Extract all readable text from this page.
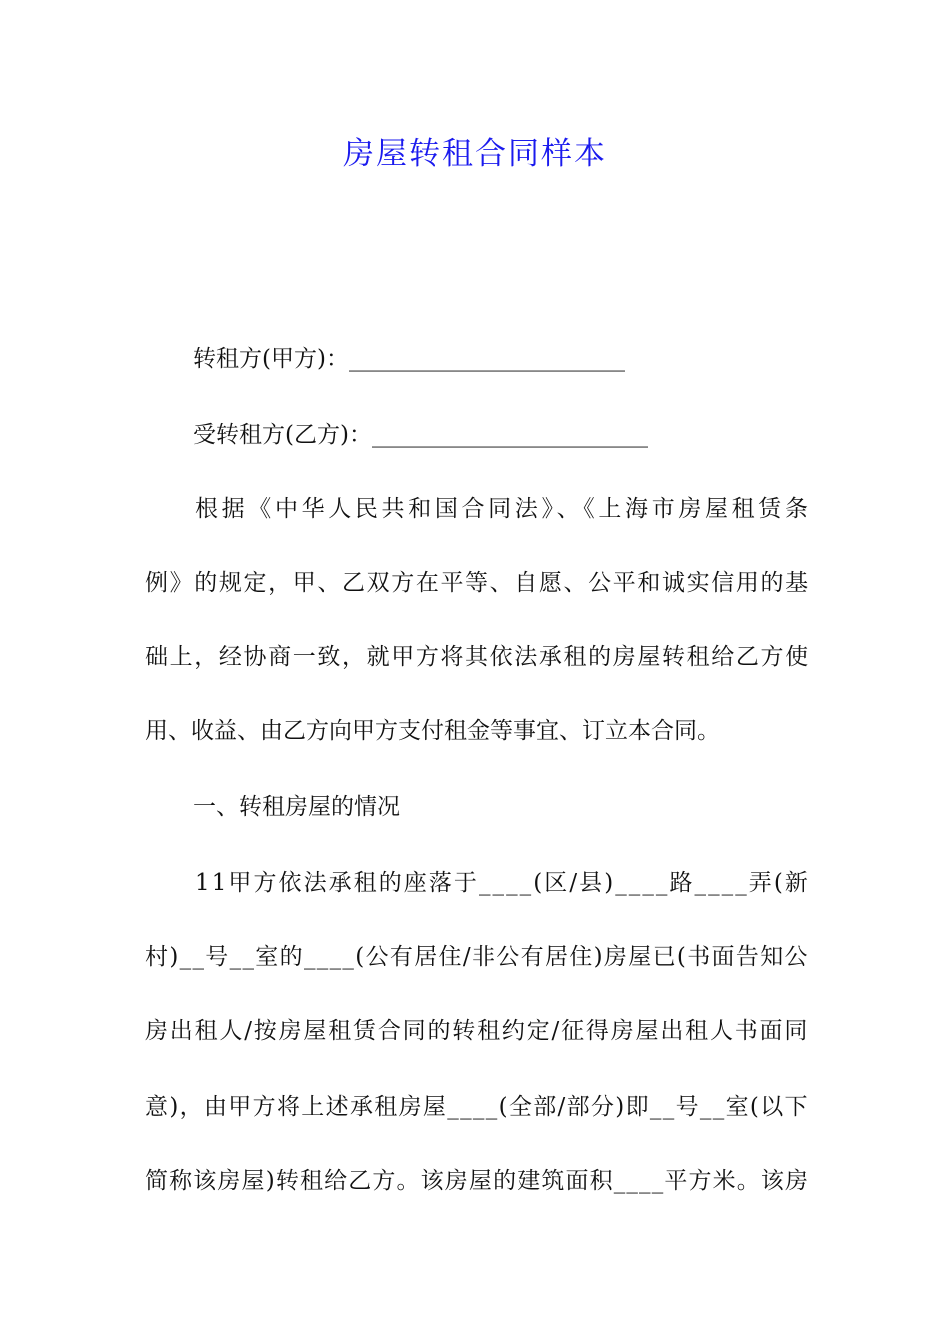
房屋转租合同样本

转租方(甲方)：________________________

受转租方(乙方)：________________________

根据《中华人民共和国合同法》、《上海市房屋租赁条

例》的规定，甲、乙双方在平等、自愿、公平和诚实信用的基

础上，经协商一致，就甲方将其依法承租的房屋转租给乙方使

用、收益、由乙方向甲方支付租金等事宜、订立本合同。

一、转租房屋的情况

11甲方依法承租的座落于____(区/县)____路____弄(新

村)__号__室的____(公有居住/非公有居住)房屋已(书面告知公

房出租人/按房屋租赁合同的转租约定/征得房屋出租人书面同

意)，由甲方将上述承租房屋____(全部/部分)即__号__室(以下

简称该房屋)转租给乙方。该房屋的建筑面积____平方米。该房
